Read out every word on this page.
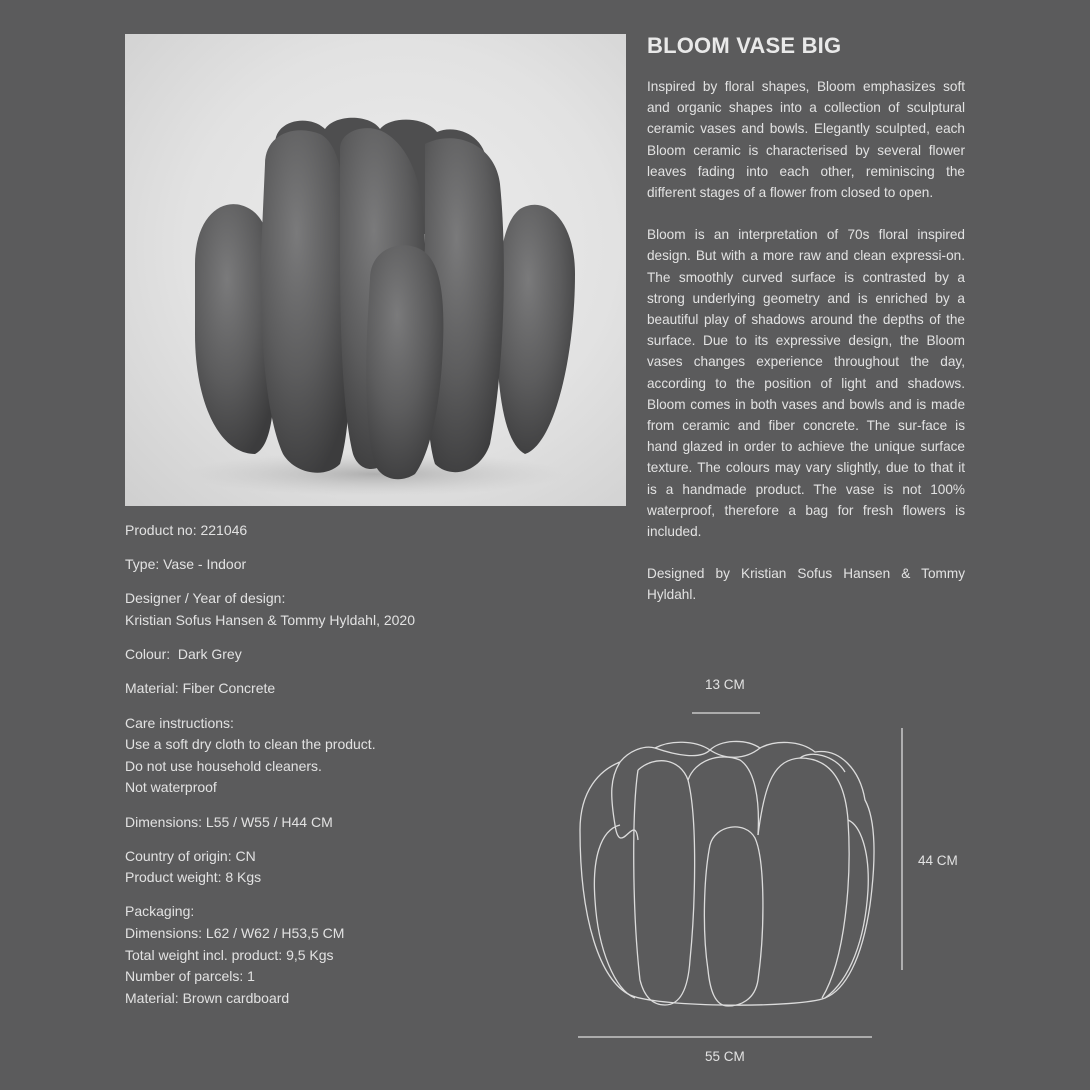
BLOOM VASE BIG

Inspired by floral shapes, Bloom emphasizes soft and organic shapes into a collection of sculptural ceramic vases and bowls. Elegantly sculpted, each Bloom ceramic is characterised by several flower leaves fading into each other, reminiscing the different stages of a flower from closed to open.

Bloom is an interpretation of 70s floral inspired design. But with a more raw and clean expressi-on. The smoothly curved surface is contrasted by a strong underlying geometry and is enriched by a beautiful play of shadows around the depths of the surface. Due to its expressive design, the Bloom vases changes experience throughout the day, according to the position of light and shadows. Bloom comes in both vases and bowls and is made from ceramic and fiber concrete. The sur-face is hand glazed in order to achieve the unique surface texture. The colours may vary slightly, due to that it is a handmade product. The vase is not 100% waterproof, therefore a bag for fresh flowers is included.

Designed by Kristian Sofus Hansen & Tommy Hyldahl.

Product no: 221046
Type: Vase - Indoor
Designer / Year of design:
Kristian Sofus Hansen & Tommy Hyldahl, 2020
Colour:  Dark Grey
Material: Fiber Concrete
Care instructions:
Use a soft dry cloth to clean the product.
Do not use household cleaners.
Not waterproof
Dimensions: L55 / W55 / H44 CM
Country of origin: CN
Product weight: 8 Kgs
Packaging:
Dimensions: L62 / W62 / H53,5 CM
Total weight incl. product: 9,5 Kgs
Number of parcels: 1
Material: Brown cardboard
13 CM
44 CM
55 CM
